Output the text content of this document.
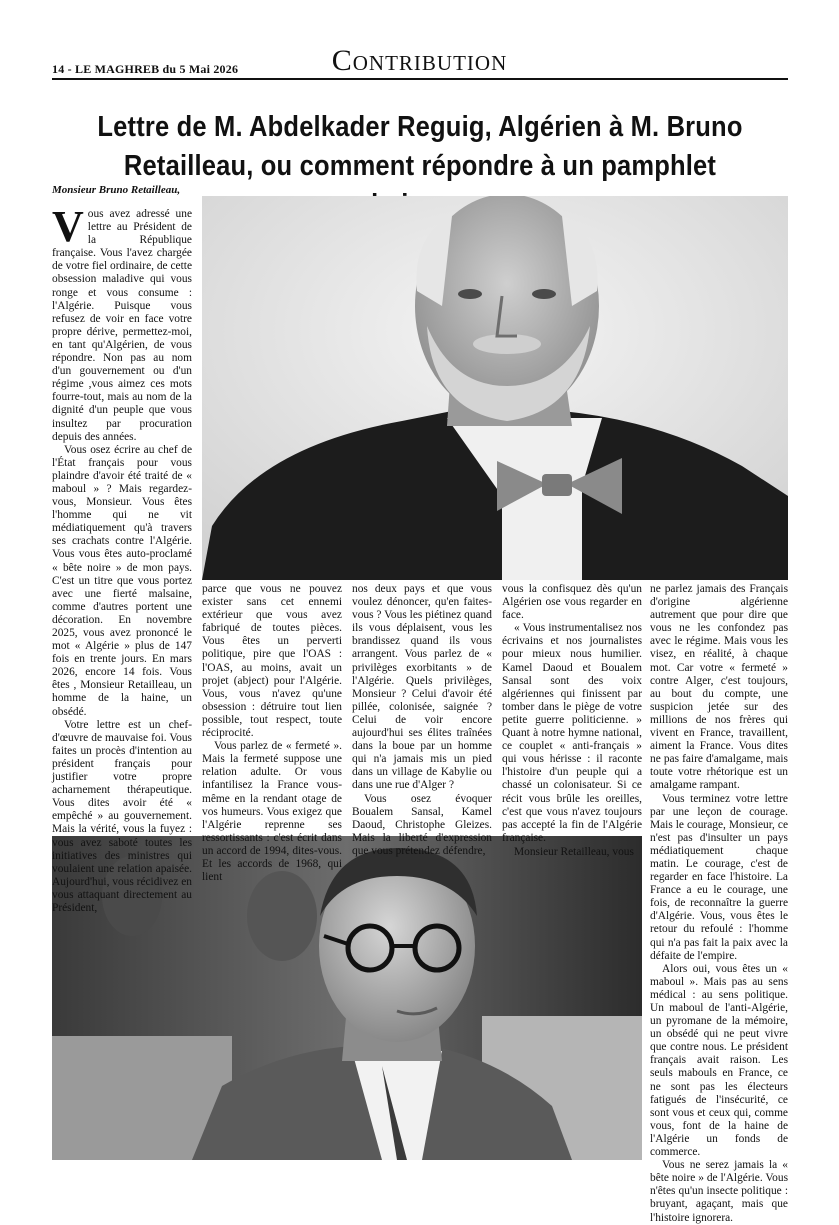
14 - LE MAGHREB du 5 Mai 2026	Contribution
Lettre de M. Abdelkader Reguig, Algérien à M. Bruno
Retailleau, ou comment répondre à un pamphlet
Monsieur Bruno Retailleau,

Vous avez adressé une lettre au Président de la République française. Vous l'avez chargée de votre fiel ordinaire, de cette obsession maladive qui vous ronge et vous consume : l'Algérie. Puisque vous refusez de voir en face votre propre dérive, permettez-moi, en tant qu'Algérien, de vous répondre. Non pas au nom d'un gouvernement ou d'un régime ,vous aimez ces mots fourre-tout, mais au nom de la dignité d'un peuple que vous insultez par procuration depuis des années.

Vous osez écrire au chef de l'État français pour vous plaindre d'avoir été traité de « maboul » ? Mais regardez-vous, Monsieur. Vous êtes l'homme qui ne vit médiatiquement qu'à travers ses crachats contre l'Algérie. Vous vous êtes auto-proclamé « bête noire » de mon pays. C'est un titre que vous portez avec une fierté malsaine, comme d'autres portent une décoration. En novembre 2025, vous avez prononcé le mot « Algérie » plus de 147 fois en trente jours. En mars 2026, encore 14 fois. Vous êtes , Monsieur Retailleau, un homme de la haine, un obsédé.

Votre lettre est un chef-d'œuvre de mauvaise foi. Vous faites un procès d'intention au président français pour justifier votre propre acharnement thérapeutique. Vous dites avoir été « empêché » au gouvernement. Mais la vérité, vous la fuyez : vous avez saboté toutes les initiatives des ministres qui voulaient une relation apaisée. Aujourd'hui, vous récidivez en vous attaquant directement au Président,

parce que vous ne pouvez exister sans cet ennemi extérieur que vous avez fabriqué de toutes pièces. Vous êtes un perverti politique, pire que l'OAS : l'OAS, au moins, avait un projet (abject) pour l'Algérie. Vous, vous n'avez qu'une obsession : détruire tout lien possible, tout respect, toute réciprocité.

Vous parlez de « fermeté ». Mais la fermeté suppose une relation adulte. Or vous infantilisez la France vous-même en la rendant otage de vos humeurs. Vous exigez que l'Algérie reprenne ses ressortissants : c'est écrit dans un accord de 1994, dites-vous. Et les accords de 1968, qui lient

nos deux pays et que vous voulez dénoncer, qu'en faites-vous ? Vous les piétinez quand ils vous déplaisent, vous les brandissez quand ils vous arrangent. Vous parlez de « privilèges exorbitants » de l'Algérie. Quels privilèges, Monsieur ? Celui d'avoir été pillée, colonisée, saignée ? Celui de voir encore aujourd'hui ses élites traînées dans la boue par un homme qui n'a jamais mis un pied dans un village de Kabylie ou dans une rue d'Alger ?

Vous osez évoquer Boualem Sansal, Kamel Daoud, Christophe Gleizes. Mais la liberté d'expression que vous prétendez défendre,

vous la confisquez dès qu'un Algérien ose vous regarder en face.

« Vous instrumentalisez nos écrivains et nos journalistes pour mieux nous humilier. Kamel Daoud et Boualem Sansal sont des voix algériennes qui finissent par tomber dans le piège de votre petite guerre politicienne. » Quant à notre hymne national, ce couplet « anti-français » qui vous hérisse : il raconte l'histoire d'un peuple qui a chassé un colonisateur. Si ce récit vous brûle les oreilles, c'est que vous n'avez toujours pas accepté la fin de l'Algérie française.

Monsieur Retailleau, vous

ne parlez jamais des Français d'origine algérienne autrement que pour dire que vous ne les confondez pas avec le régime. Mais vous les visez, en réalité, à chaque mot. Car votre « fermeté » contre Alger, c'est toujours, au bout du compte, une suspicion jetée sur des millions de nos frères qui vivent en France, travaillent, aiment la France. Vous dites ne pas faire d'amalgame, mais toute votre rhétorique est un amalgame rampant.

Vous terminez votre lettre par une leçon de courage. Mais le courage, Monsieur, ce n'est pas d'insulter un pays médiatiquement chaque matin. Le courage, c'est de regarder en face l'histoire. La France a eu le courage, une fois, de reconnaître la guerre d'Algérie. Vous, vous êtes le retour du refoulé : l'homme qui n'a pas fait la paix avec la défaite de l'empire.

Alors oui, vous êtes un « maboul ». Mais pas au sens médical : au sens politique. Un maboul de l'anti-Algérie, un pyromane de la mémoire, un obsédé qui ne peut vivre que contre nous. Le président français avait raison. Les seuls mabouls en France, ce ne sont pas les électeurs fatigués de l'insécurité, ce sont vous et ceux qui, comme vous, font de la haine de l'Algérie un fonds de commerce.

Vous ne serez jamais la « bête noire » de l'Algérie. Vous n'êtes qu'un insecte politique : bruyant, agaçant, mais que l'histoire ignorera.
